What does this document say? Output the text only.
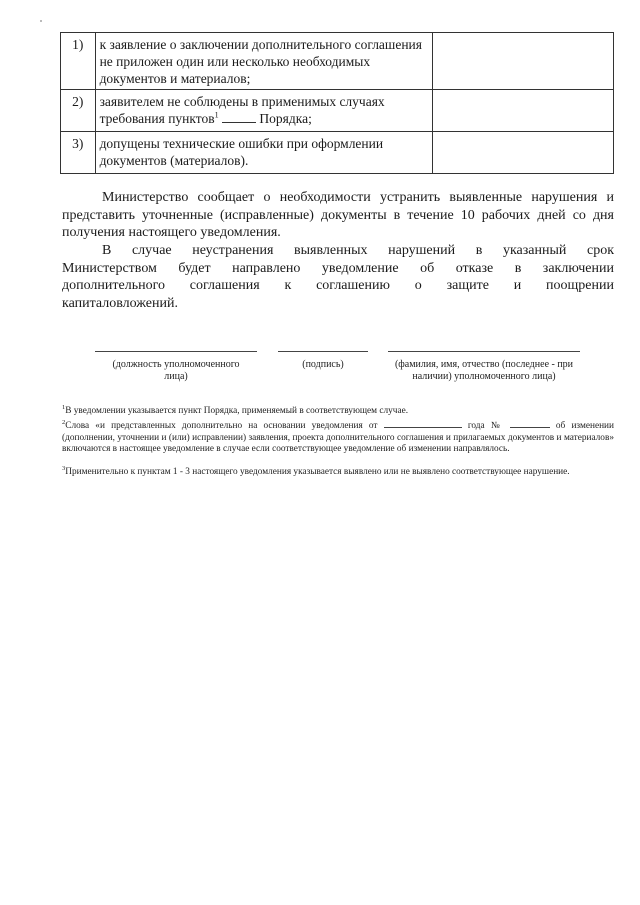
1)	к заявление о заключении дополнительного соглашения не приложен один или несколько необходимых документов и материалов;	
2)	заявителем не соблюдены в применимых случаях требования пунктов$^1$ Порядка;	
3)	допущены технические ошибки при оформлении документов (материалов).	
Министерство сообщает о необходимости устранить выявленные нарушения и представить уточненные (исправленные) документы в течение 10 рабочих дней со дня получения настоящего уведомления.
В случае неустранения выявленных нарушений в указанный срок Министерством будет направлено уведомление об отказе в заключении дополнительного соглашения к соглашению о защите и поощрении капиталовложений.
(должность уполномоченного лица)
(подпись)	(фамилия, имя, отчество (последнее - при наличии) уполномоченного лица)
$^1$В уведомлении указывается пункт Порядка, применяемый в соответствующем случае.
$^2$Слова «и представленных дополнительно на основании уведомления от	года №	об изменении (дополнении, уточнении и (или) исправлении) заявления, проекта дополнительного соглашения и прилагаемых документов и материалов» включаются в настоящее уведомление в случае если соответствующее уведомление об изменении направлялось.
$^3$Применительно к пунктам 1 - 3 настоящего уведомления указывается выявлено или не выявлено соответствующее нарушение.
